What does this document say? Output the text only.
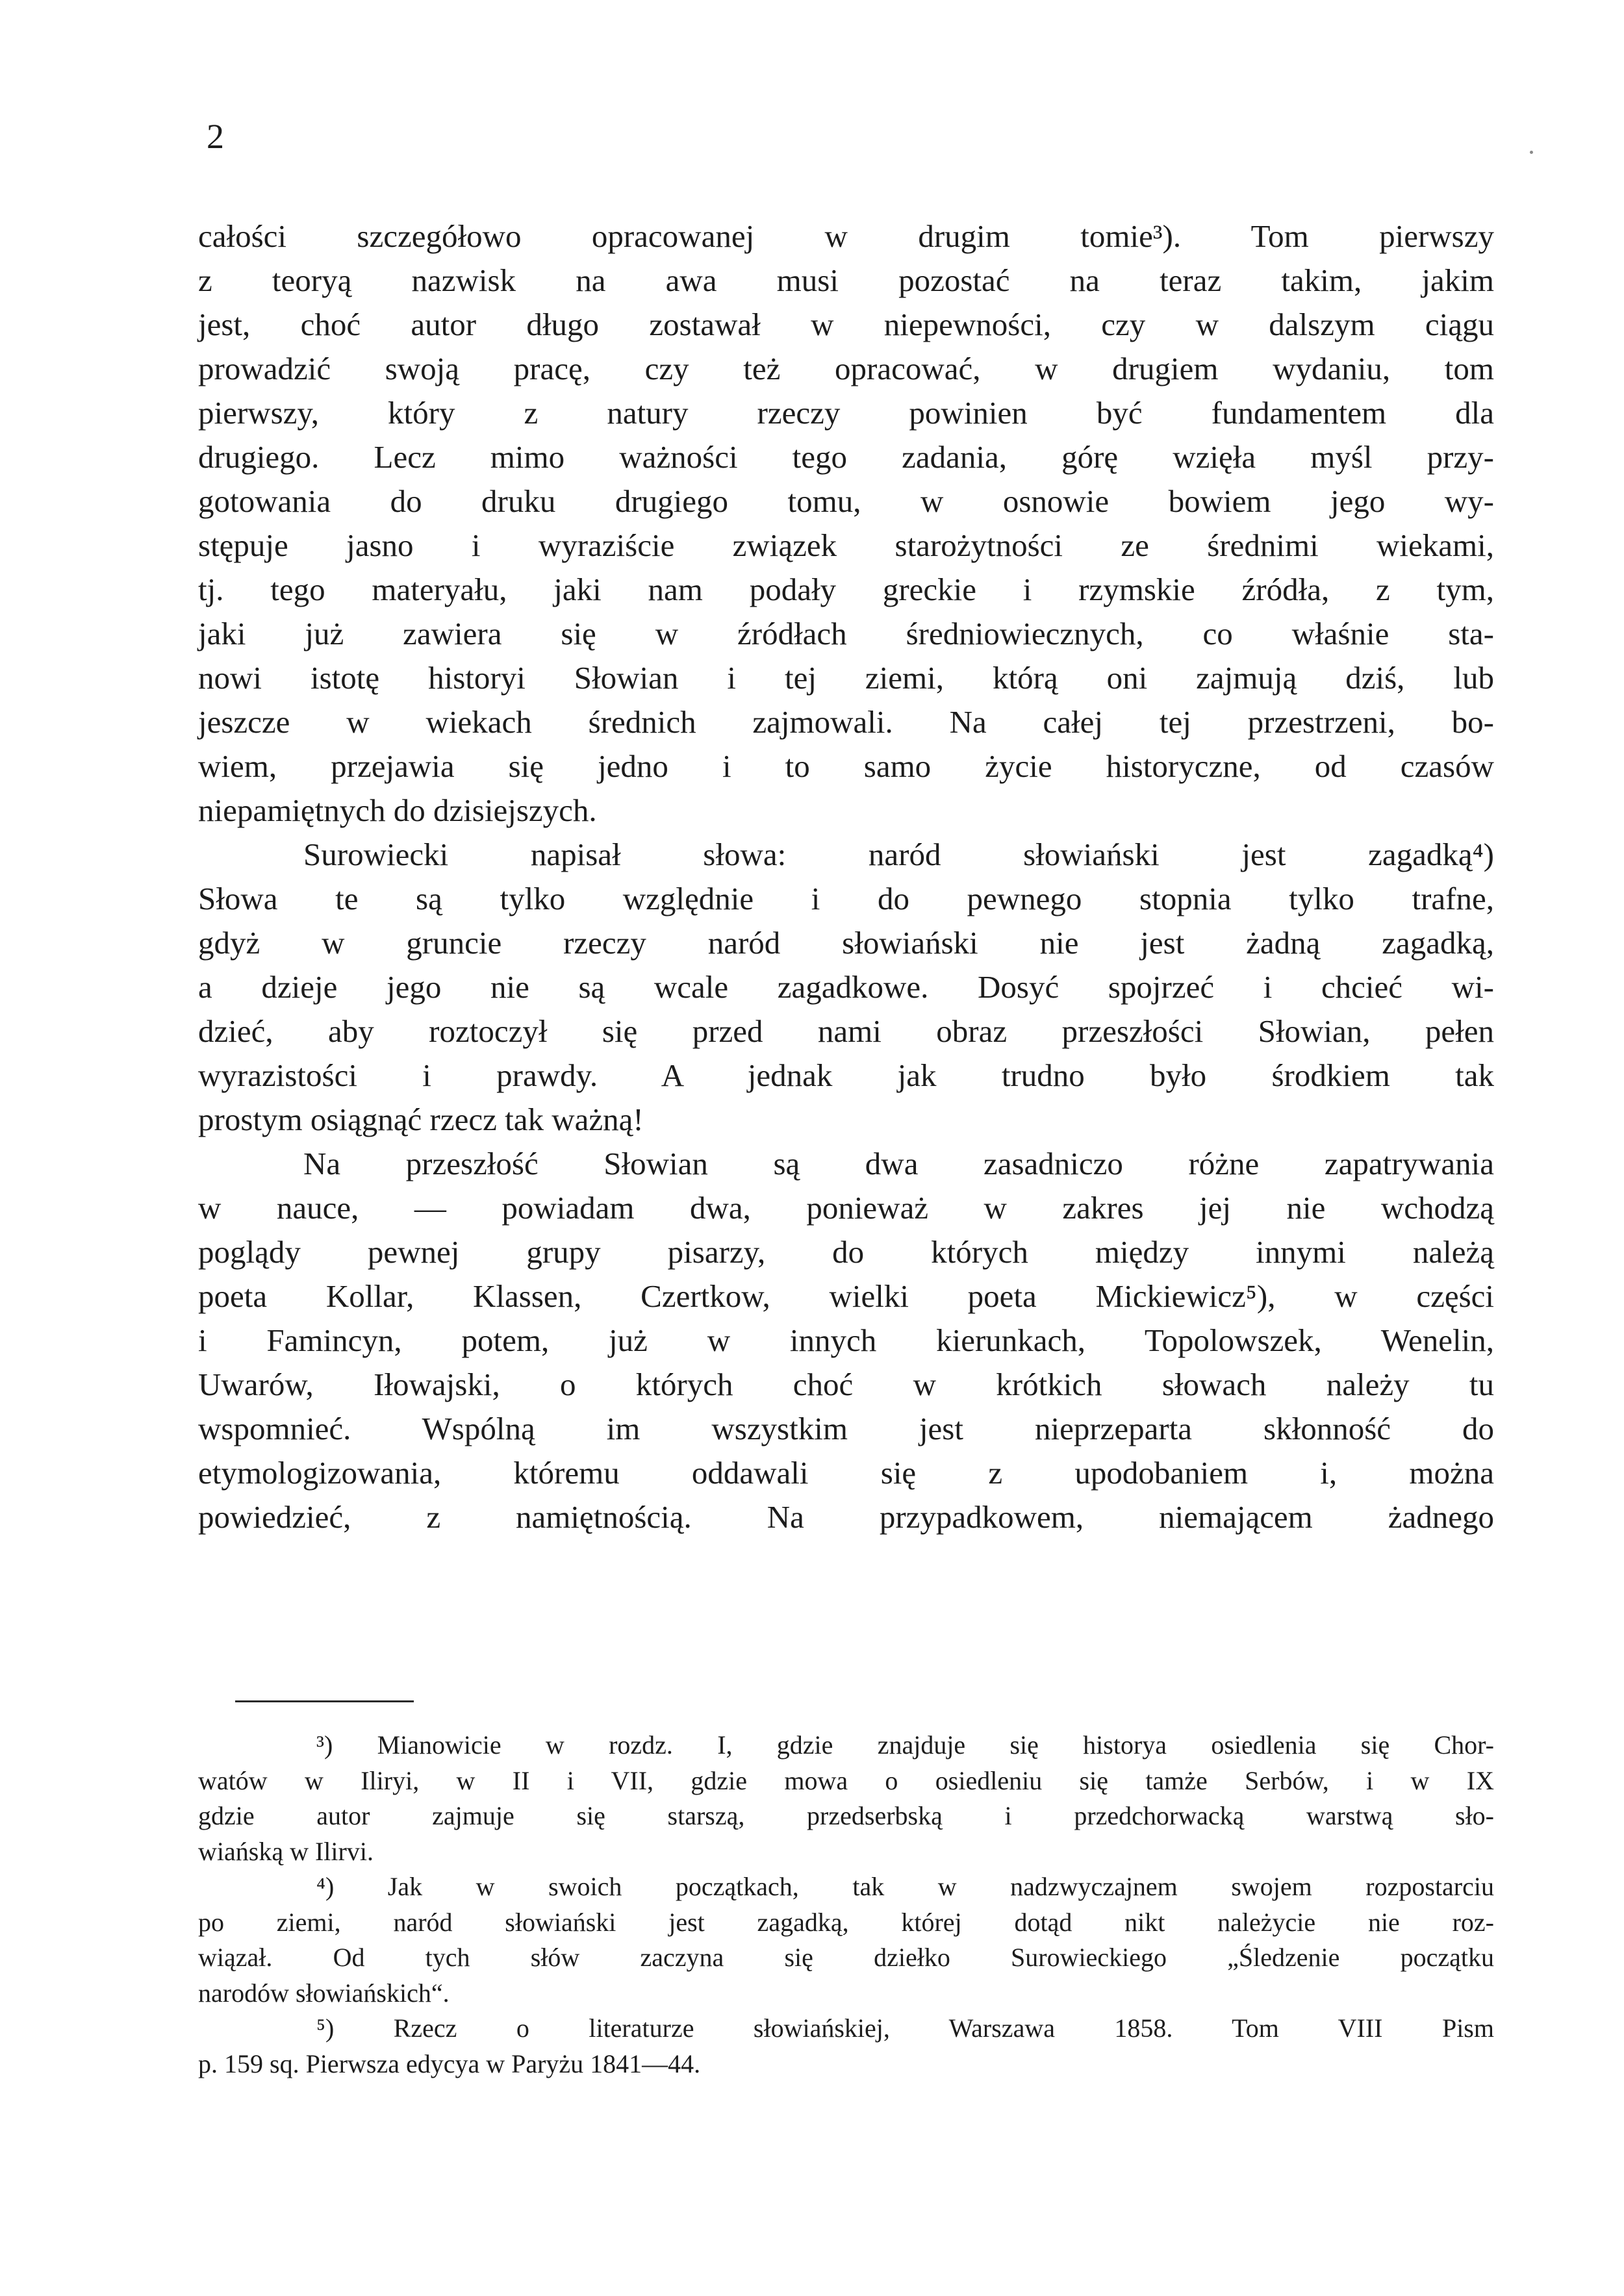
2

całości szczegółowo opracowanej w drugim tomie³). Tom pierwszy
z teoryą nazwisk na awa musi pozostać na teraz takim, jakim
jest, choć autor długo zostawał w niepewności, czy w dalszym ciągu
prowadzić swoją pracę, czy też opracować, w drugiem wydaniu, tom
pierwszy, który z natury rzeczy powinien być fundamentem dla
drugiego. Lecz mimo ważności tego zadania, górę wzięła myśl przy-
gotowania do druku drugiego tomu, w osnowie bowiem jego wy-
stępuje jasno i wyraziście związek starożytności ze średnimi wiekami,
tj. tego materyału, jaki nam podały greckie i rzymskie źródła, z tym,
jaki już zawiera się w źródłach średniowiecznych, co właśnie sta-
nowi istotę historyi Słowian i tej ziemi, którą oni zajmują dziś, lub
jeszcze w wiekach średnich zajmowali. Na całej tej przestrzeni, bo-
wiem, przejawia się jedno i to samo życie historyczne, od czasów
niepamiętnych do dzisiejszych.
Surowiecki napisał słowa: naród słowiański jest zagadką⁴)
Słowa te są tylko względnie i do pewnego stopnia tylko trafne,
gdyż w gruncie rzeczy naród słowiański nie jest żadną zagadką,
a dzieje jego nie są wcale zagadkowe. Dosyć spojrzeć i chcieć wi-
dzieć, aby roztoczył się przed nami obraz przeszłości Słowian, pełen
wyrazistości i prawdy. A jednak jak trudno było środkiem tak
prostym osiągnąć rzecz tak ważną!
Na przeszłość Słowian są dwa zasadniczo różne zapatrywania
w nauce, — powiadam dwa, ponieważ w zakres jej nie wchodzą
poglądy pewnej grupy pisarzy, do których między innymi należą
poeta Kollar, Klassen, Czertkow, wielki poeta Mickiewicz⁵), w części
i Famincyn, potem, już w innych kierunkach, Topolowszek, Wenelin,
Uwarów, Iłowajski, o których choć w krótkich słowach należy tu
wspomnieć. Wspólną im wszystkim jest nieprzeparta skłonność do
etymologizowania, któremu oddawali się z upodobaniem i, można
powiedzieć, z namiętnością. Na przypadkowem, niemającem żadnego
³) Mianowicie w rozdz. I, gdzie znajduje się historya osiedlenia się Chor-
watów w Iliryi, w II i VII, gdzie mowa o osiedleniu się tamże Serbów, i w IX
gdzie autor zajmuje się starszą, przedserbską i przedchorwacką warstwą sło-
wiańską w Ilirvi.
⁴) Jak w swoich początkach, tak w nadzwyczajnem swojem rozpostarciu
po ziemi, naród słowiański jest zagadką, której dotąd nikt należycie nie roz-
wiązał. Od tych słów zaczyna się dziełko Surowieckiego „Śledzenie początku
narodów słowiańskich“.
⁵) Rzecz o literaturze słowiańskiej, Warszawa 1858. Tom VIII Pism
p. 159 sq. Pierwsza edycya w Paryżu 1841—44.
